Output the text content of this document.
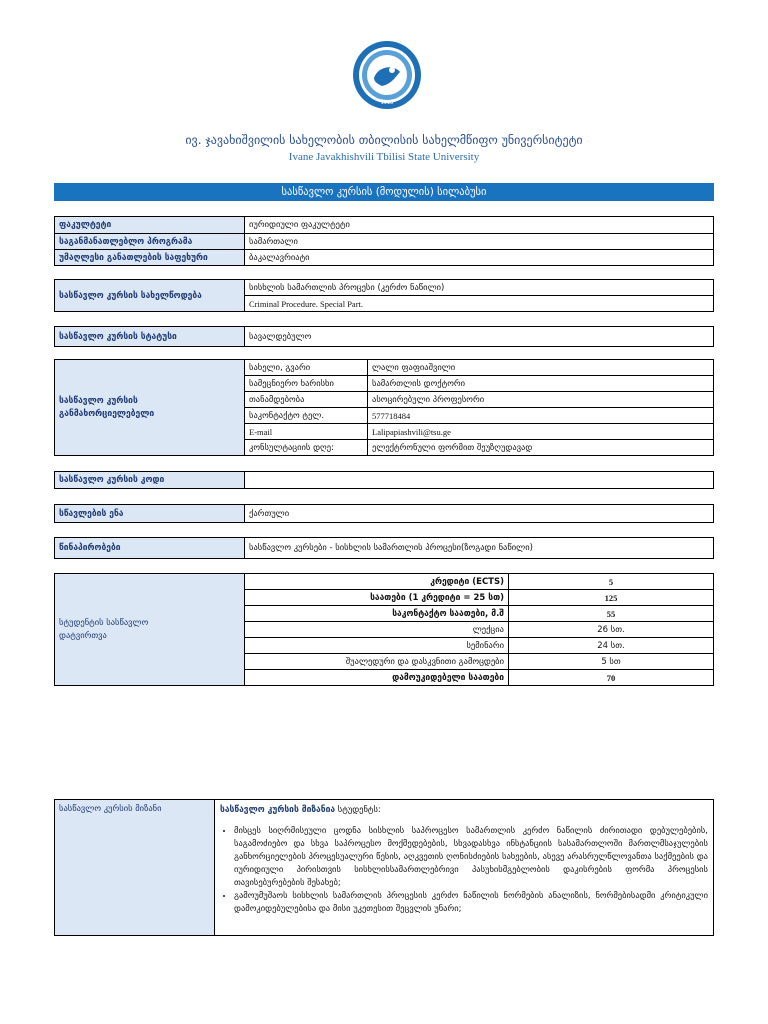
1918
ივ. ჯავახიშვილის სახელობის თბილისის სახელმწიფო უნივერსიტეტი
Ivane Javakhishvili Tbilisi State University
სასწავლო კურსის (მოდულის) სილაბუსი
ფაკულტეტი	იურიდიული ფაკულტეტი
საგანმანათლებლო პროგრამა	სამართალი
უმაღლესი განათლების საფეხური	ბაკალავრიატი
სასწავლო კურსის სახელწოდება	სისხლის სამართლის პროცესი (კერძო ნაწილი)
Criminal Procedure. Special Part.
სასწავლო კურსის სტატუსი	სავალდებულო
სასწავლო კურსის
განმახორციელებელი	სახელი, გვარი	ლალი ფაფიაშვილი
	სამეცნიერო ხარისხი	სამართლის დოქტორი
	თანამდებობა	ასოცირებული პროფესორი
	საკონტაქტო ტელ.	577718484
	E-mail	Lalipapiashvili@tsu.ge
	კონსულტაციის დღე:	ელექტრონული ფორმით შეუზღუდავად
სასწავლო კურსის კოდი	
სწავლების ენა	ქართული
წინაპირობები	სასწავლო კურსები - სისხლის სამართლის პროცესი(ზოგადი ნაწილი)
სტუდენტის სასწავლო
დატვირთვა	კრედიტი (ECTS)	5
	საათები (1 კრედიტი = 25 სთ)	125
	საკონტაქტო საათები, მ.შ	55
	ლექცია	26 სთ.
	სემინარი	24 სთ.
	შუალედური და დასკვნითი გამოცდები	5 სთ
	დამოუკიდებელი საათები	70
სასწავლო კურსის მიზანი	სასწავლო კურსის მიზანია სტუდენტს:
• მისცეს სიღრმისეული ცოდნა სისხლის საპროცესო სამართლის კერძო ნაწილის ძირითადი დებულებების, საგამოძიებო და სხვა საპროცესო მოქმედებების, სხვადასხვა ინსტანციის სასამართლოში მართლმსაჯულების განხორციელების პროცესუალური წესის, აღკვეთის ღონისძიების სახეების, ასევე არასრულწლოვანთა საქმეების და იურიდიული პირისთვის სისხლისსამართლებრივი პასუხისმგებლობის დაკისრების ფორმა პროცესის თავისებურებების შესახებ;
• გამოუმუშაოს სისხლის სამართლის პროცესის კერძო ნაწილის ნორმების ანალიზის, ნორმებისადმი კრიტიკული დამოკიდებულებისა და მისი უკეთესით შეცვლის უნარი;
